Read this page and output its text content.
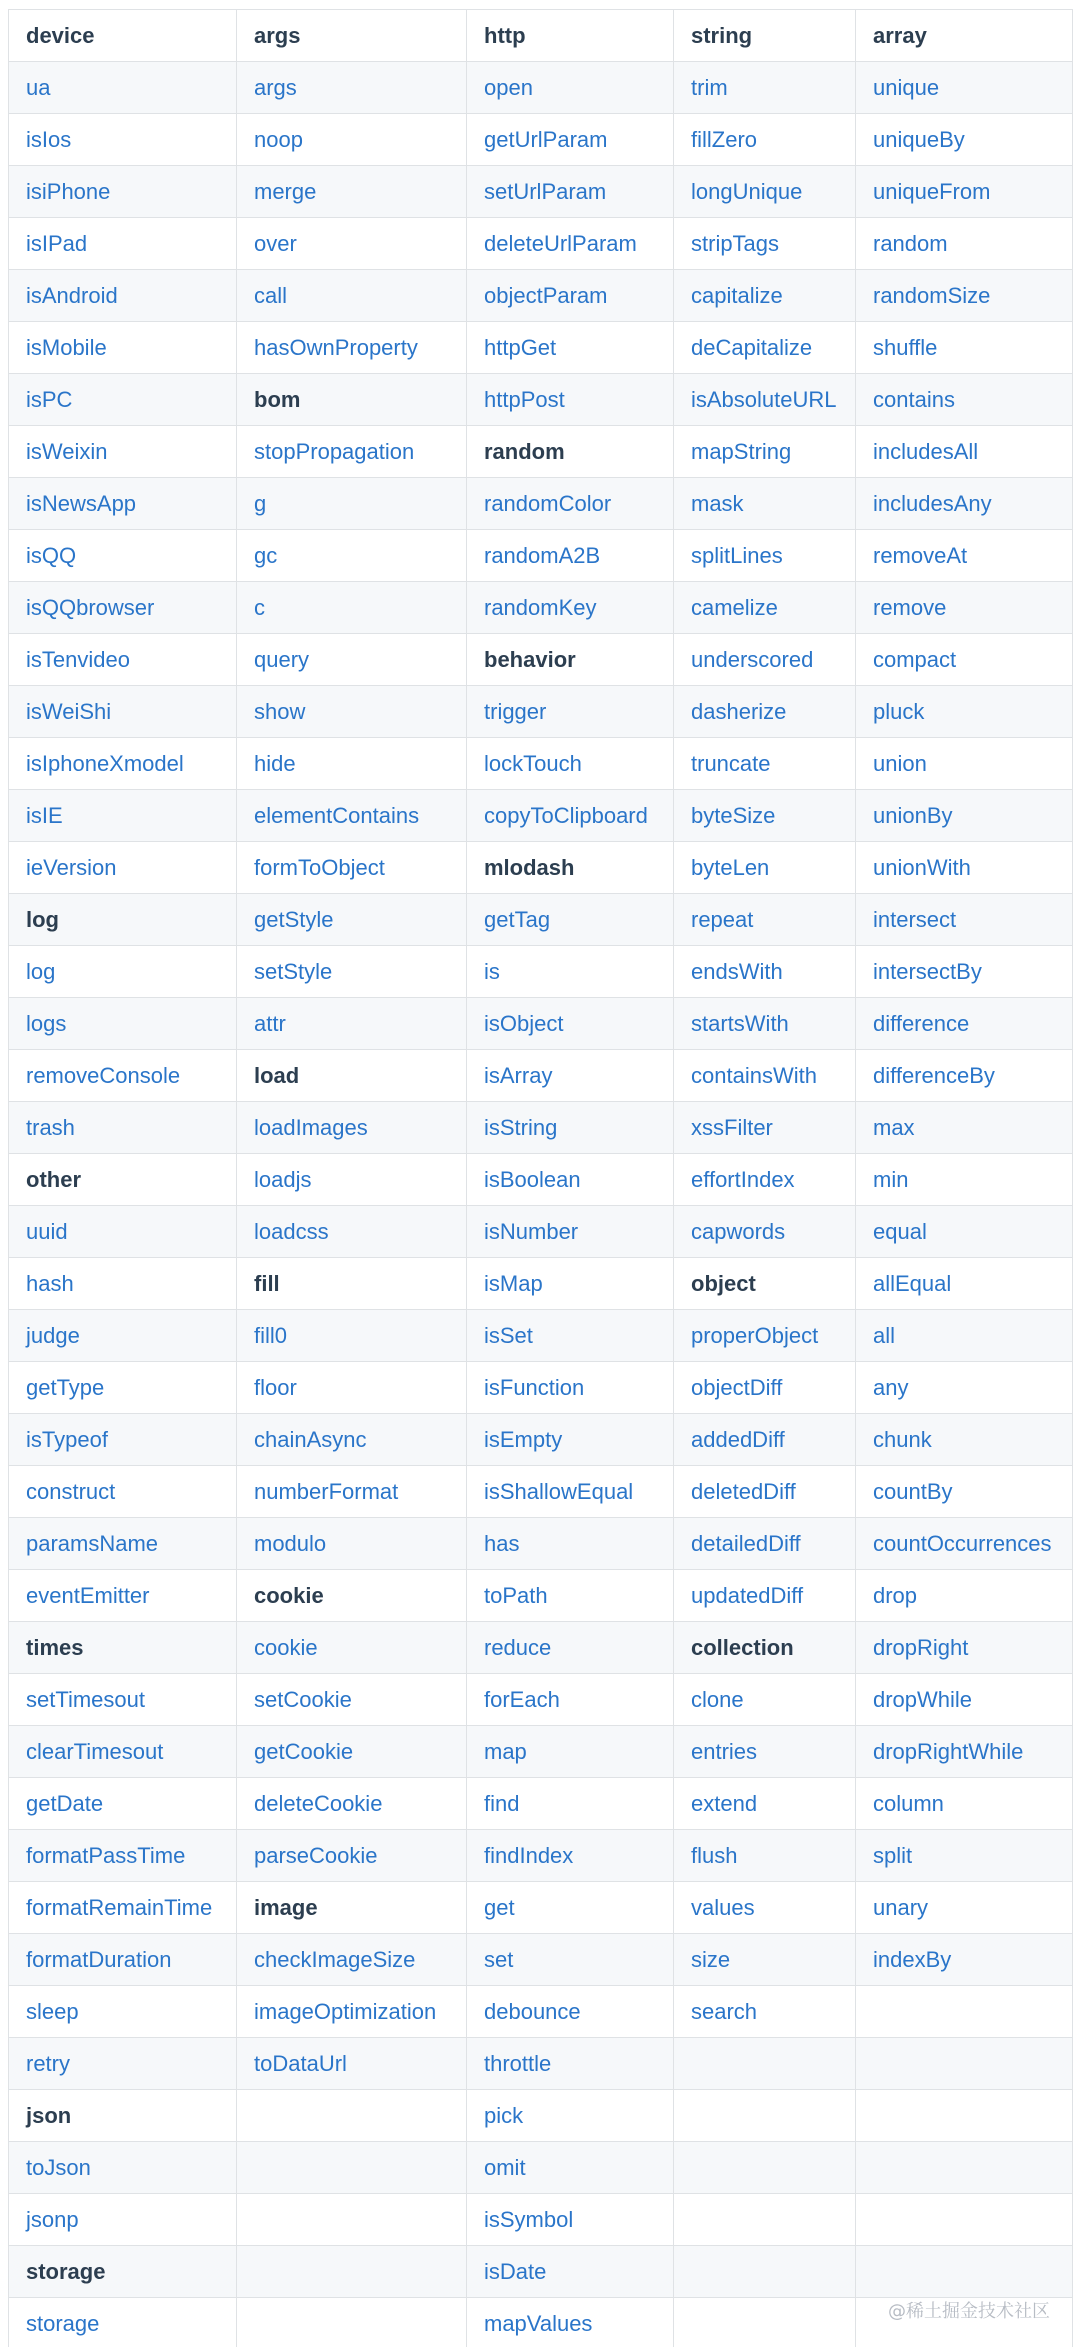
device	args	http	string	array
ua	args	open	trim	unique
isIos	noop	getUrlParam	fillZero	uniqueBy
isiPhone	merge	setUrlParam	longUnique	uniqueFrom
isIPad	over	deleteUrlParam	stripTags	random
isAndroid	call	objectParam	capitalize	randomSize
isMobile	hasOwnProperty	httpGet	deCapitalize	shuffle
isPC	bom	httpPost	isAbsoluteURL	contains
isWeixin	stopPropagation	random	mapString	includesAll
isNewsApp	g	randomColor	mask	includesAny
isQQ	gc	randomA2B	splitLines	removeAt
isQQbrowser	c	randomKey	camelize	remove
isTenvideo	query	behavior	underscored	compact
isWeiShi	show	trigger	dasherize	pluck
isIphoneXmodel	hide	lockTouch	truncate	union
isIE	elementContains	copyToClipboard	byteSize	unionBy
ieVersion	formToObject	mlodash	byteLen	unionWith
log	getStyle	getTag	repeat	intersect
log	setStyle	is	endsWith	intersectBy
logs	attr	isObject	startsWith	difference
removeConsole	load	isArray	containsWith	differenceBy
trash	loadImages	isString	xssFilter	max
other	loadjs	isBoolean	effortIndex	min
uuid	loadcss	isNumber	capwords	equal
hash	fill	isMap	object	allEqual
judge	fill0	isSet	properObject	all
getType	floor	isFunction	objectDiff	any
isTypeof	chainAsync	isEmpty	addedDiff	chunk
construct	numberFormat	isShallowEqual	deletedDiff	countBy
paramsName	modulo	has	detailedDiff	countOccurrences
eventEmitter	cookie	toPath	updatedDiff	drop
times	cookie	reduce	collection	dropRight
setTimesout	setCookie	forEach	clone	dropWhile
clearTimesout	getCookie	map	entries	dropRightWhile
getDate	deleteCookie	find	extend	column
formatPassTime	parseCookie	findIndex	flush	split
formatRemainTime	image	get	values	unary
formatDuration	checkImageSize	set	size	indexBy
sleep	imageOptimization	debounce	search	
retry	toDataUrl	throttle		
json		pick		
toJson		omit		
jsonp		isSymbol		
storage		isDate		
storage		mapValues			@稀土掘金技术社区
